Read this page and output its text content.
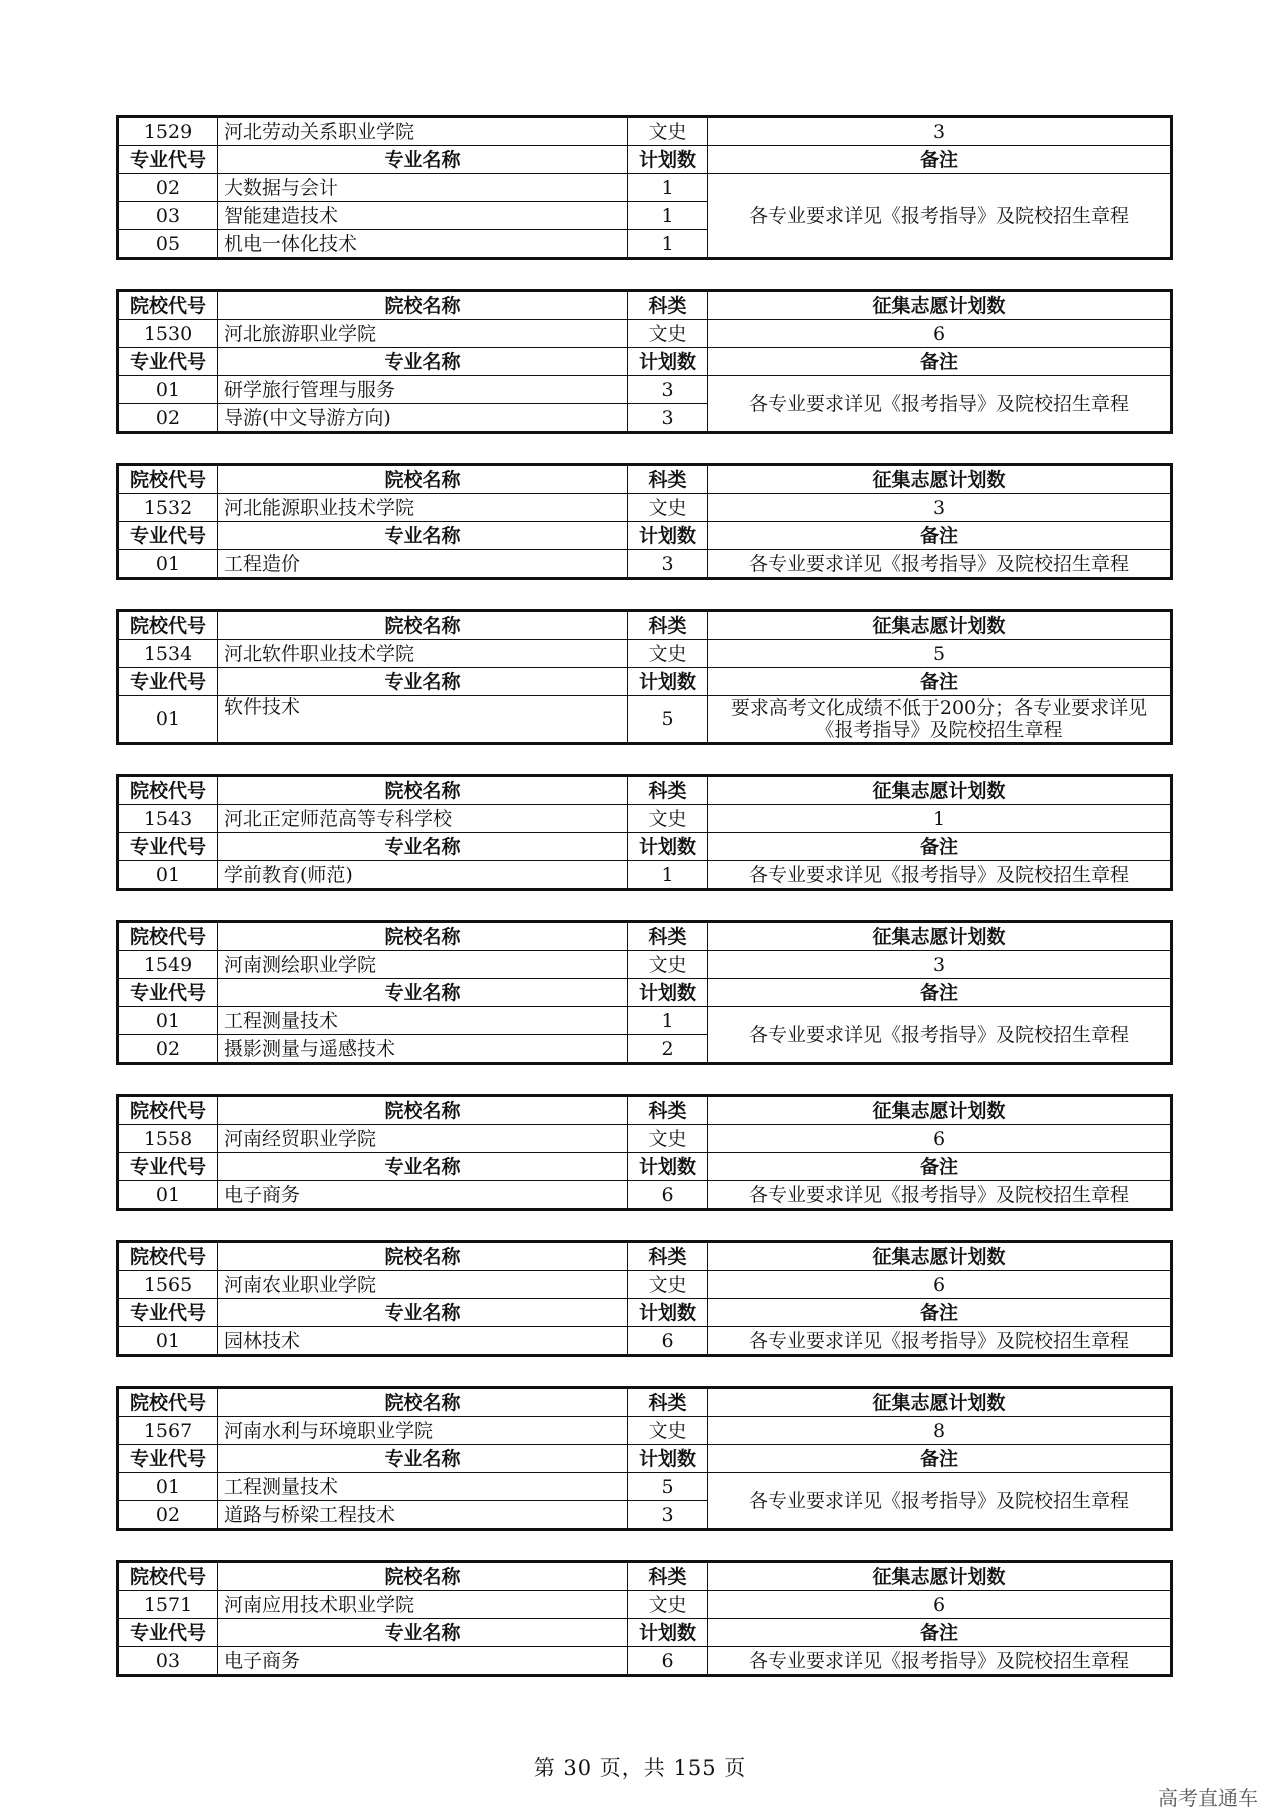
1529	河北劳动关系职业学院	文史	3
专业代号	专业名称	计划数	备注
02	大数据与会计	1	各专业要求详见《报考指导》及院校招生章程
03	智能建造技术	1	
05	机电一体化技术	1	
院校代号	院校名称	科类	征集志愿计划数
1530	河北旅游职业学院	文史	6
专业代号	专业名称	计划数	备注
01	研学旅行管理与服务	3	各专业要求详见《报考指导》及院校招生章程
02	导游(中文导游方向)	3	
院校代号	院校名称	科类	征集志愿计划数
1532	河北能源职业技术学院	文史	3
专业代号	专业名称	计划数	备注
01	工程造价	3	各专业要求详见《报考指导》及院校招生章程
院校代号	院校名称	科类	征集志愿计划数
1534	河北软件职业技术学院	文史	5
专业代号	专业名称	计划数	备注
01	软件技术	5	要求高考文化成绩不低于200分；各专业要求详见《报考指导》及院校招生章程
院校代号	院校名称	科类	征集志愿计划数
1543	河北正定师范高等专科学校	文史	1
专业代号	专业名称	计划数	备注
01	学前教育(师范)	1	各专业要求详见《报考指导》及院校招生章程
院校代号	院校名称	科类	征集志愿计划数
1549	河南测绘职业学院	文史	3
专业代号	专业名称	计划数	备注
01	工程测量技术	1	各专业要求详见《报考指导》及院校招生章程
02	摄影测量与遥感技术	2	
院校代号	院校名称	科类	征集志愿计划数
1558	河南经贸职业学院	文史	6
专业代号	专业名称	计划数	备注
01	电子商务	6	各专业要求详见《报考指导》及院校招生章程
院校代号	院校名称	科类	征集志愿计划数
1565	河南农业职业学院	文史	6
专业代号	专业名称	计划数	备注
01	园林技术	6	各专业要求详见《报考指导》及院校招生章程
院校代号	院校名称	科类	征集志愿计划数
1567	河南水利与环境职业学院	文史	8
专业代号	专业名称	计划数	备注
01	工程测量技术	5	各专业要求详见《报考指导》及院校招生章程
02	道路与桥梁工程技术	3	
院校代号	院校名称	科类	征集志愿计划数
1571	河南应用技术职业学院	文史	6
专业代号	专业名称	计划数	备注
03	电子商务	6	各专业要求详见《报考指导》及院校招生章程
第 30 页，共 155 页
高考直通车
